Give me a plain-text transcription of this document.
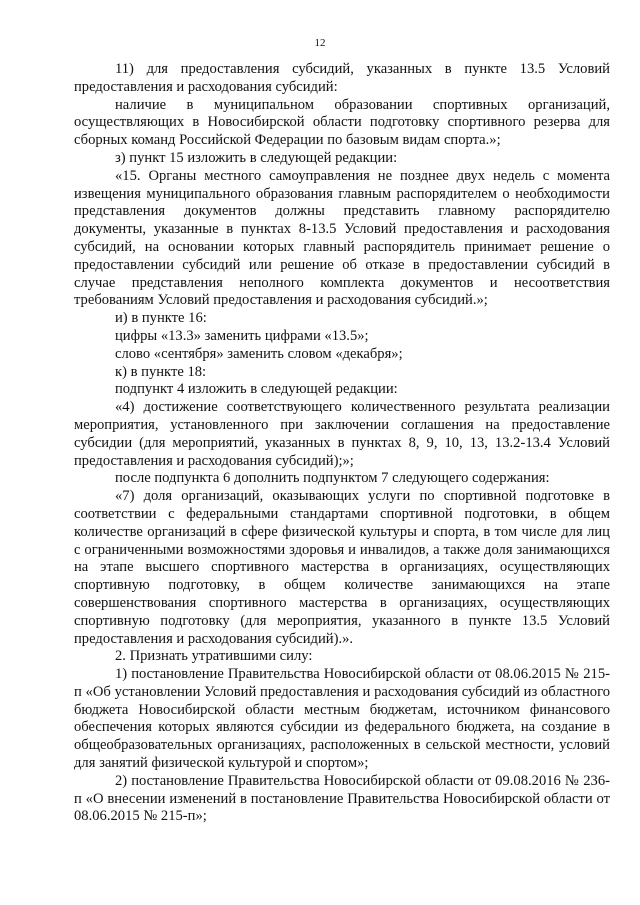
12

11) для предоставления субсидий, указанных в пункте 13.5 Условий предоставления и расходования субсидий:

наличие в муниципальном образовании спортивных организаций, осуществляющих в Новосибирской области подготовку спортивного резерва для сборных команд Российской Федерации по базовым видам спорта.»;

з) пункт 15 изложить в следующей редакции:

«15. Органы местного самоуправления не позднее двух недель с момента извещения муниципального образования главным распорядителем о необходимости представления документов должны представить главному распорядителю документы, указанные в пунктах 8-13.5 Условий предоставления и расходования субсидий, на основании которых главный распорядитель принимает решение о предоставлении субсидий или решение об отказе в предоставлении субсидий в случае представления неполного комплекта документов и несоответствия требованиям Условий предоставления и расходования субсидий.»;

и) в пункте 16:

цифры «13.3» заменить цифрами «13.5»;

слово «сентября» заменить словом «декабря»;

к) в пункте 18:

подпункт 4 изложить в следующей редакции:

«4) достижение соответствующего количественного результата реализации мероприятия, установленного при заключении соглашения на предоставление субсидии (для мероприятий, указанных в пунктах 8, 9, 10, 13, 13.2-13.4 Условий предоставления и расходования субсидий);»;

после подпункта 6 дополнить подпунктом 7 следующего содержания:

«7) доля организаций, оказывающих услуги по спортивной подготовке в соответствии с федеральными стандартами спортивной подготовки, в общем количестве организаций в сфере физической культуры и спорта, в том числе для лиц с ограниченными возможностями здоровья и инвалидов, а также доля занимающихся на этапе высшего спортивного мастерства в организациях, осуществляющих спортивную подготовку, в общем количестве занимающихся на этапе совершенствования спортивного мастерства в организациях, осуществляющих спортивную подготовку (для мероприятия, указанного в пункте 13.5 Условий предоставления и расходования субсидий).».

2. Признать утратившими силу:

1) постановление Правительства Новосибирской области от 08.06.2015 № 215-п «Об установлении Условий предоставления и расходования субсидий из областного бюджета Новосибирской области местным бюджетам, источником финансового обеспечения которых являются субсидии из федерального бюджета, на создание в общеобразовательных организациях, расположенных в сельской местности, условий для занятий физической культурой и спортом»;

2) постановление Правительства Новосибирской области от 09.08.2016 № 236-п «О внесении изменений в постановление Правительства Новосибирской области от 08.06.2015 № 215-п»;
